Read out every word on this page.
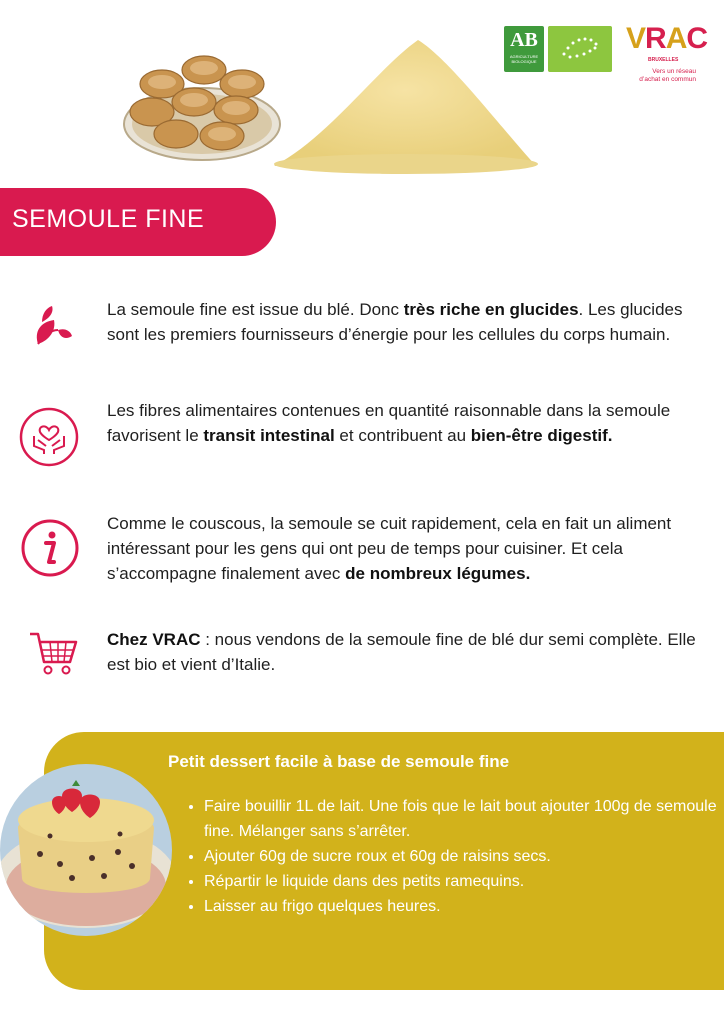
AB
AGRICULTURE BIOLOGIQUE
VRAC
BRUXELLES
Vers un réseau
d’achat en commun
SEMOULE FINE

La semoule fine est issue du blé. Donc très riche en glucides. Les glucides sont les premiers fournisseurs d’énergie pour les cellules du corps humain.

Les fibres alimentaires contenues en quantité raisonnable dans la semoule favorisent le transit intestinal et contribuent au bien-être digestif.

Comme le couscous, la semoule se cuit rapidement, cela en fait un aliment intéressant pour les gens qui ont peu de temps pour cuisiner. Et cela s’accompagne finalement avec de nombreux légumes.

Chez VRAC : nous vendons de la semoule fine de blé dur semi complète. Elle est bio et vient d’Italie.

Petit dessert facile à base de semoule fine

• Faire bouillir 1L de lait. Une fois que le lait bout ajouter 100g de semoule fine. Mélanger sans s’arrêter.
• Ajouter 60g de sucre roux et 60g de raisins secs.
• Répartir le liquide dans des petits ramequins.
• Laisser au frigo quelques heures.
